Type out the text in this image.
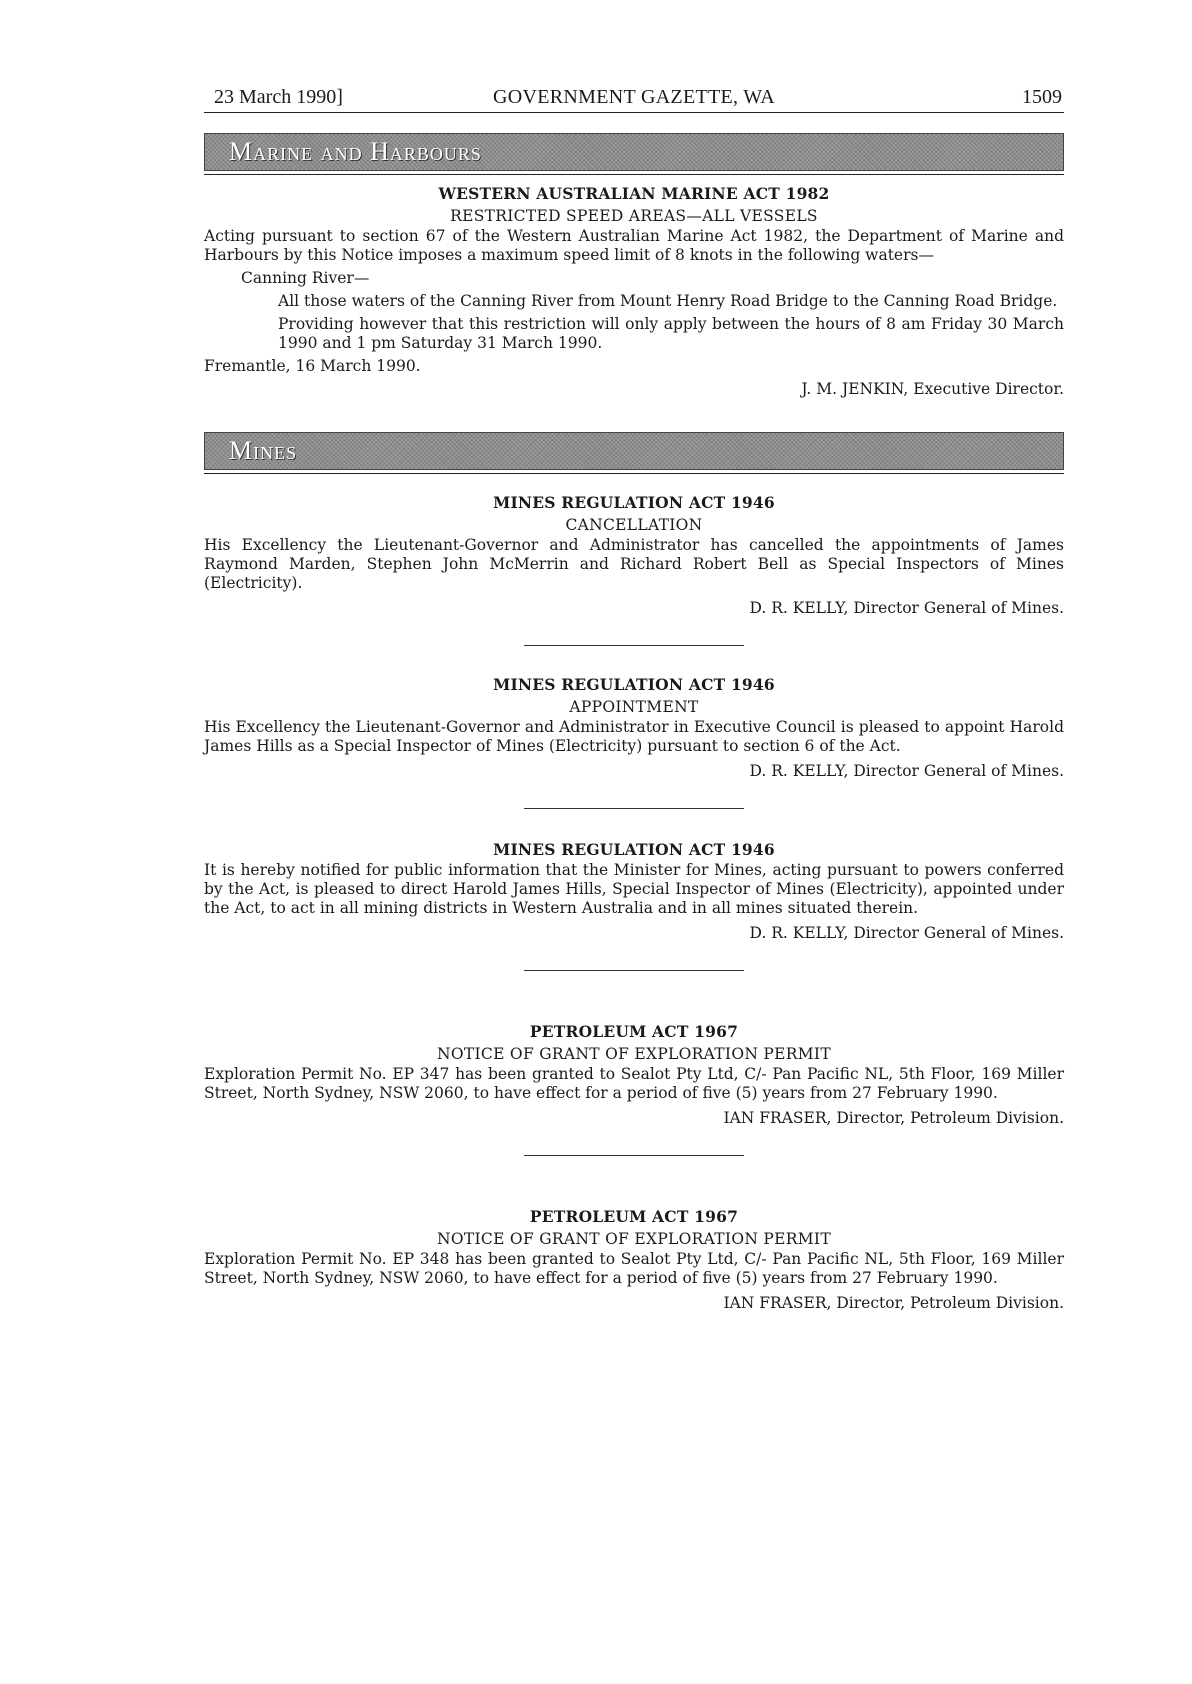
23 March 1990]	GOVERNMENT GAZETTE, WA	1509
Marine and Harbours
WESTERN AUSTRALIAN MARINE ACT 1982
RESTRICTED SPEED AREAS—ALL VESSELS

Acting pursuant to section 67 of the Western Australian Marine Act 1982, the Department of Marine and Harbours by this Notice imposes a maximum speed limit of 8 knots in the following waters—

Canning River—

All those waters of the Canning River from Mount Henry Road Bridge to the Canning Road Bridge.

Providing however that this restriction will only apply between the hours of 8 am Friday 30 March 1990 and 1 pm Saturday 31 March 1990.

Fremantle, 16 March 1990.

J. M. JENKIN, Executive Director.

Mines
MINES REGULATION ACT 1946
CANCELLATION

His Excellency the Lieutenant-Governor and Administrator has cancelled the appointments of James Raymond Marden, Stephen John McMerrin and Richard Robert Bell as Special Inspectors of Mines (Electricity).

D. R. KELLY, Director General of Mines.

MINES REGULATION ACT 1946
APPOINTMENT

His Excellency the Lieutenant-Governor and Administrator in Executive Council is pleased to appoint Harold James Hills as a Special Inspector of Mines (Electricity) pursuant to section 6 of the Act.

D. R. KELLY, Director General of Mines.

MINES REGULATION ACT 1946

It is hereby notified for public information that the Minister for Mines, acting pursuant to powers conferred by the Act, is pleased to direct Harold James Hills, Special Inspector of Mines (Electricity), appointed under the Act, to act in all mining districts in Western Australia and in all mines situated therein.

D. R. KELLY, Director General of Mines.

PETROLEUM ACT 1967
NOTICE OF GRANT OF EXPLORATION PERMIT

Exploration Permit No. EP 347 has been granted to Sealot Pty Ltd, C/- Pan Pacific NL, 5th Floor, 169 Miller Street, North Sydney, NSW 2060, to have effect for a period of five (5) years from 27 February 1990.

IAN FRASER, Director, Petroleum Division.

PETROLEUM ACT 1967
NOTICE OF GRANT OF EXPLORATION PERMIT

Exploration Permit No. EP 348 has been granted to Sealot Pty Ltd, C/- Pan Pacific NL, 5th Floor, 169 Miller Street, North Sydney, NSW 2060, to have effect for a period of five (5) years from 27 February 1990.

IAN FRASER, Director, Petroleum Division.
